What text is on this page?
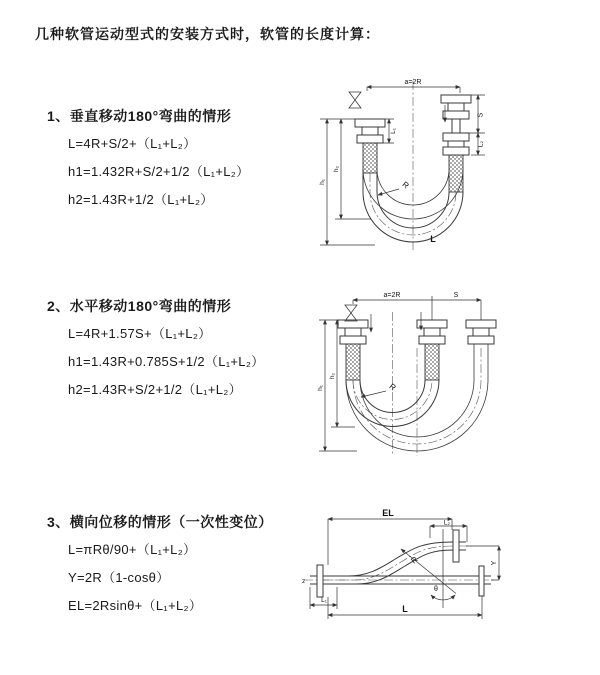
几种软管运动型式的安装方式时，软管的长度计算：
1、垂直移动180°弯曲的情形
L=4R+S/2+（L₁+L₂）
h1=1.432R+S/2+1/2（L₁+L₂）
h2=1.43R+1/2（L₁+L₂）
2、水平移动180°弯曲的情形
L=4R+1.57S+（L₁+L₂）
h1=1.43R+0.785S+1/2（L₁+L₂）
h2=1.43R+S/2+1/2（L₁+L₂）
3、横向位移的情形（一次性变位）
L=πRθ/90+（L₁+L₂）
Y=2R（1-cosθ）
EL=2Rsinθ+（L₁+L₂）
a=2R
L₁
S
L₂
h₁
h₂
R
L
a=2R	S
h₁
h₂
R
z
EL
L₂
θ
R	Y
L₁
L
